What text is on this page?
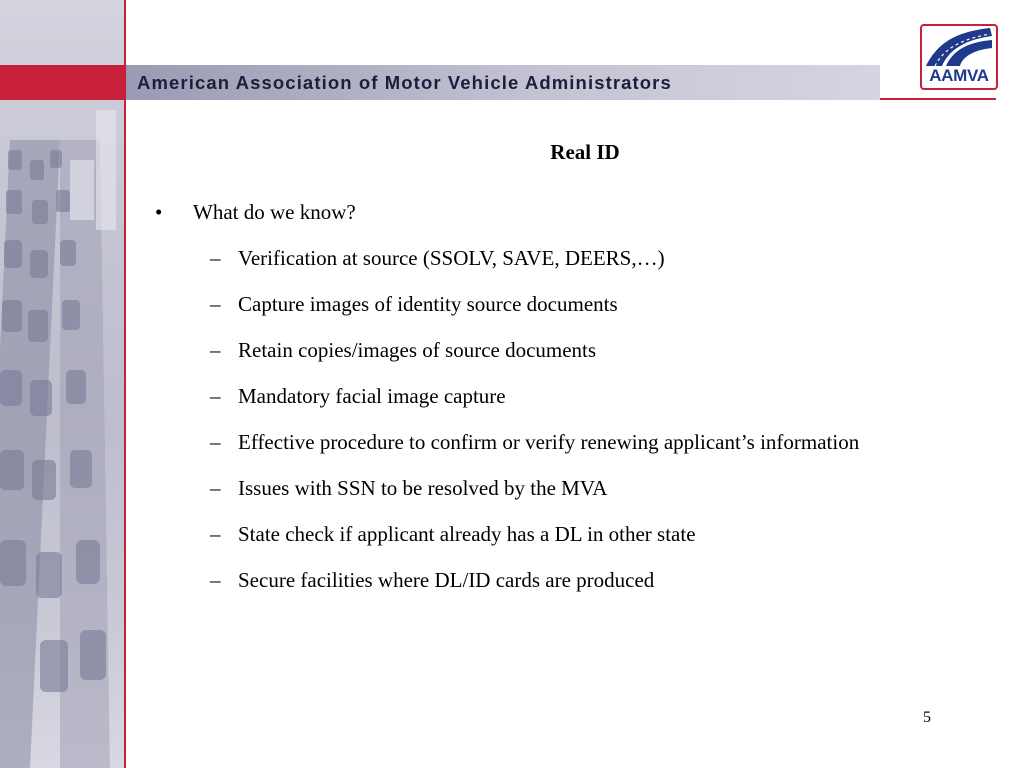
American Association of Motor Vehicle Administrators	AAMVA
Real ID
• What do we know?
– Verification at source (SSOLV, SAVE, DEERS,…)
– Capture images of identity source documents
– Retain copies/images of source documents
– Mandatory facial image capture
– Effective procedure to confirm or verify renewing applicant’s information
– Issues with SSN to be resolved by the MVA
– State check if applicant already has a DL in other state
– Secure facilities where DL/ID cards are produced
5
